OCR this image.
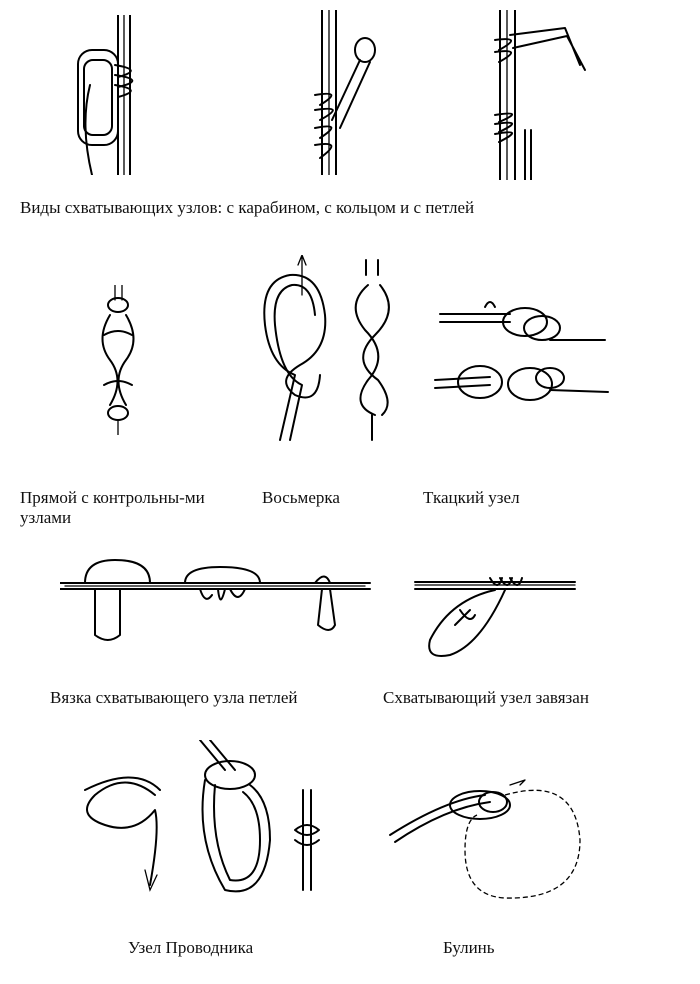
Виды схватывающих узлов: с карабином, с кольцом и с петлей
Прямой с контрольны-ми узлами
Восьмерка	Ткацкий узел
Вязка схватывающего узла петлей	Схватывающий узел завязан
Узел Проводника	Булинь
